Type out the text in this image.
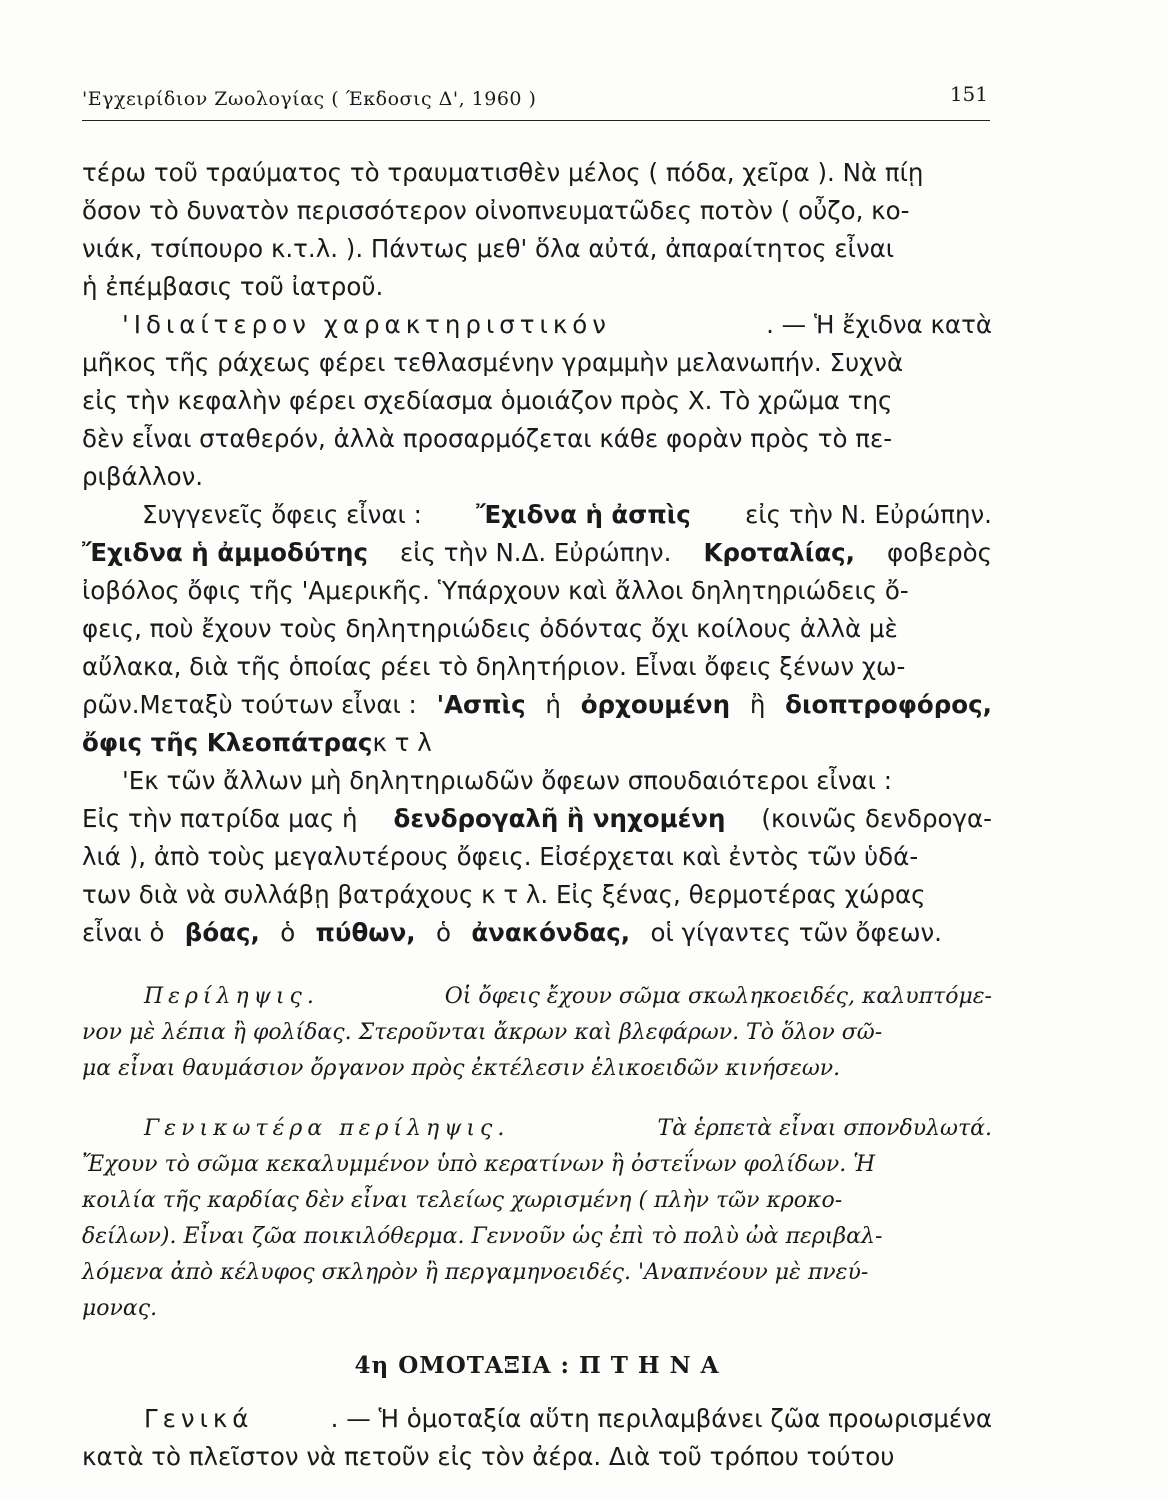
'Εγχειρίδιον Ζωολογίας ( Έκδοσις Δ', 1960 )	151
τέρω τοῦ τραύματος τὸ τραυματισθὲν μέλος ( πόδα, χεῖρα ). Νὰ πίῃ
ὅσον τὸ δυνατὸν περισσότερον οἰνοπνευματῶδες ποτὸν ( οὖζο, κο-
νιάκ, τσίπουρο κ.τ.λ. ). Πάντως μεθ' ὅλα αὐτά, ἀπαραίτητος εἶναι
ἡ ἐπέμβασις τοῦ ἰατροῦ.
'Ιδιαίτερον χαρακτηριστικόν	. — Ἡ ἔχιδνα κατὰ
μῆκος τῆς ράχεως φέρει τεθλασμένην γραμμὴν μελανωπήν. Συχνὰ
εἰς τὴν κεφαλὴν φέρει σχεδίασμα ὁμοιάζον πρὸς Χ. Τὸ χρῶμα της
δὲν εἶναι σταθερόν, ἀλλὰ προσαρμόζεται κάθε φορὰν πρὸς τὸ πε-
ριβάλλον.
Συγγενεῖς ὄφεις εἶναι : Ἔχιδνα ἡ ἀσπὶς εἰς τὴν Ν. Εὐρώπην.
Ἔχιδνα ἡ ἀμμοδύτης εἰς τὴν Ν.Δ. Εὐρώπην. Κροταλίας, φοβερὸς
ἰοβόλος ὄφις τῆς 'Αμερικῆς. Ὑπάρχουν καὶ ἄλλοι δηλητηριώδεις ὄ-
φεις, ποὺ ἔχουν τοὺς δηλητηριώδεις ὀδόντας ὄχι κοίλους ἀλλὰ μὲ
αὔλακα, διὰ τῆς ὁποίας ρέει τὸ δηλητήριον. Εἶναι ὄφεις ξένων χω-
ρῶν.Μεταξὺ τούτων εἶναι : 'Ασπὶς ἡ ὀρχουμένη ἢ διοπτροφόρος,
ὄφις τῆς Κλεοπάτρας κ τ λ
'Εκ τῶν ἄλλων μὴ δηλητηριωδῶν ὄφεων σπουδαιότεροι εἶναι :
Εἰς τὴν πατρίδα μας ἡ δενδρογαλῆ ἢ νηχομένη (κοινῶς δενδρογα-
λιά ), ἀπὸ τοὺς μεγαλυτέρους ὄφεις. Εἰσέρχεται καὶ ἐντὸς τῶν ὑδά-
των διὰ νὰ συλλάβῃ βατράχους κ τ λ. Εἰς ξένας, θερμοτέρας χώρας
εἶναι ὁ βόας, ὁ πύθων, ὁ ἀνακόνδας, οἱ γίγαντες τῶν ὄφεων.
Περίληψις.	Οἱ ὄφεις ἔχουν σῶμα σκωληκοειδές, καλυπτόμε-
νον μὲ λέπια ἢ φολίδας. Στεροῦνται ἄκρων καὶ βλεφάρων. Τὸ ὅλον σῶ-
μα εἶναι θαυμάσιον ὄργανον πρὸς ἐκτέλεσιν ἑλικοειδῶν κινήσεων.
Γενικωτέρα περίληψις.	Τὰ ἑρπετὰ εἶναι σπονδυλωτά.
Ἔχουν τὸ σῶμα κεκαλυμμένον ὑπὸ κερατίνων ἢ ὀστεΐνων φολίδων. Ἡ
κοιλία τῆς καρδίας δὲν εἶναι τελείως χωρισμένη ( πλὴν τῶν κροκο-
δείλων). Εἶναι ζῶα ποικιλόθερμα. Γεννοῦν ὡς ἐπὶ τὸ πολὺ ὠὰ περιβαλ-
λόμενα ἀπὸ κέλυφος σκληρὸν ἢ περγαμηνοειδές. 'Αναπνέουν μὲ πνεύ-
μονας.
4η ΟΜΟΤΑΞΙΑ : Π Τ Η Ν Α
Γενικά	. — Ἡ ὁμοταξία αὕτη περιλαμβάνει ζῶα προωρισμένα
κατὰ τὸ πλεῖστον νὰ πετοῦν εἰς τὸν ἀέρα. Διὰ τοῦ τρόπου τούτου
